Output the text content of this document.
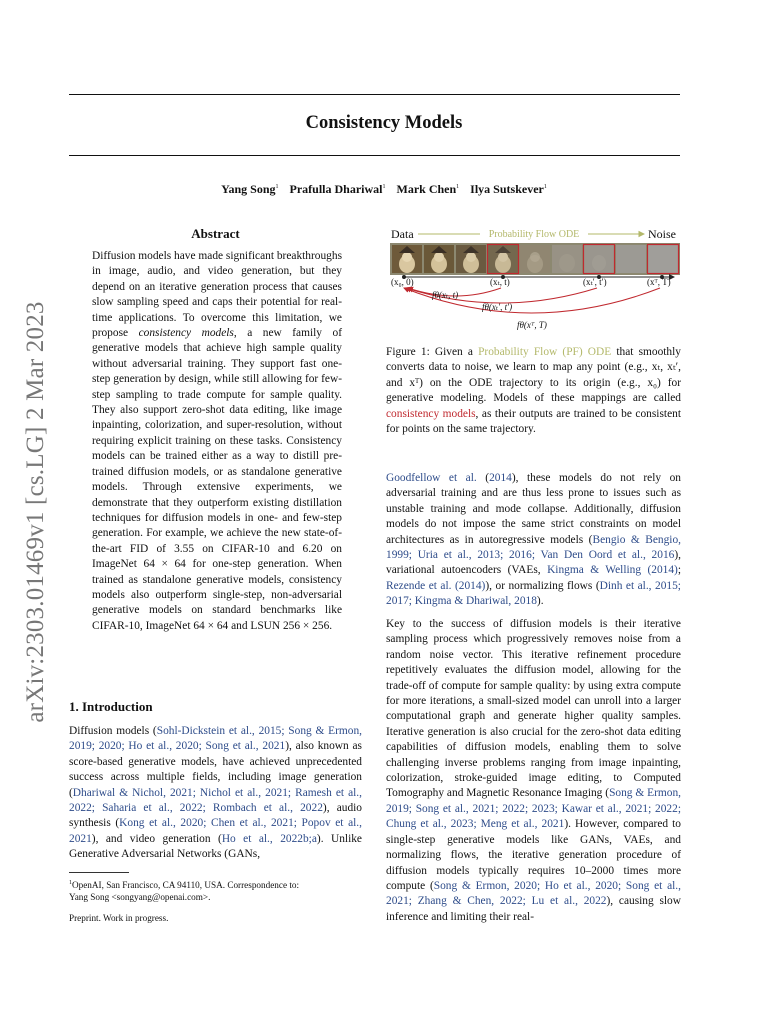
arXiv:2303.01469v1 [cs.LG] 2 Mar 2023
Consistency Models
Yang Song$^1$ Prafulla Dhariwal$^1$ Mark Chen$^1$ Ilya Sutskever$^1$
Abstract

Diffusion models have made significant breakthroughs in image, audio, and video generation, but they depend on an iterative generation process that causes slow sampling speed and caps their potential for real-time applications. To overcome this limitation, we propose consistency models, a new family of generative models that achieve high sample quality without adversarial training. They support fast one-step generation by design, while still allowing for few-step sampling to trade compute for sample quality. They also support zero-shot data editing, like image inpainting, colorization, and super-resolution, without requiring explicit training on these tasks. Consistency models can be trained either as a way to distill pre-trained diffusion models, or as standalone generative models. Through extensive experiments, we demonstrate that they outperform existing distillation techniques for diffusion models in one- and few-step generation. For example, we achieve the new state-of-the-art FID of 3.55 on CIFAR-10 and 6.20 on ImageNet 64 × 64 for one-step generation. When trained as standalone generative models, consistency models also outperform single-step, non-adversarial generative models on standard benchmarks like CIFAR-10, ImageNet 64 × 64 and LSUN 256 × 256.

1. Introduction

Diffusion models (Sohl-Dickstein et al., 2015; Song & Ermon, 2019; 2020; Ho et al., 2020; Song et al., 2021), also known as score-based generative models, have achieved unprecedented success across multiple fields, including image generation (Dhariwal & Nichol, 2021; Nichol et al., 2021; Ramesh et al., 2022; Saharia et al., 2022; Rombach et al., 2022), audio synthesis (Kong et al., 2020; Chen et al., 2021; Popov et al., 2021), and video generation (Ho et al., 2022b;a). Unlike Generative Adversarial Networks (GANs,

$^1$OpenAI, San Francisco, CA 94110, USA. Correspondence to:
Yang Song <songyang@openai.com>.
Preprint. Work in progress.
Data	Probability Flow ODE	Noise
(x₀, 0)	(xₜ, t)	(xₜ′, t′)	(xᵀ, T)
fθ(xₜ, t)
fθ(xₜ′, t′)
fθ(xᵀ, T)

Figure 1: Given a Probability Flow (PF) ODE that smoothly converts data to noise, we learn to map any point (e.g., xₜ, xₜ′, and xᵀ) on the ODE trajectory to its origin (e.g., x₀) for generative modeling. Models of these mappings are called consistency models, as their outputs are trained to be consistent for points on the same trajectory.

Goodfellow et al. (2014), these models do not rely on adversarial training and are thus less prone to issues such as unstable training and mode collapse. Additionally, diffusion models do not impose the same strict constraints on model architectures as in autoregressive models (Bengio & Bengio, 1999; Uria et al., 2013; 2016; Van Den Oord et al., 2016), variational autoencoders (VAEs, Kingma & Welling (2014); Rezende et al. (2014)), or normalizing flows (Dinh et al., 2015; 2017; Kingma & Dhariwal, 2018).

Key to the success of diffusion models is their iterative sampling process which progressively removes noise from a random noise vector. This iterative refinement procedure repetitively evaluates the diffusion model, allowing for the trade-off of compute for sample quality: by using extra compute for more iterations, a small-sized model can unroll into a larger computational graph and generate higher quality samples. Iterative generation is also crucial for the zero-shot data editing capabilities of diffusion models, enabling them to solve challenging inverse problems ranging from image inpainting, colorization, stroke-guided image editing, to Computed Tomography and Magnetic Resonance Imaging (Song & Ermon, 2019; Song et al., 2021; 2022; 2023; Kawar et al., 2021; 2022; Chung et al., 2023; Meng et al., 2021). However, compared to single-step generative models like GANs, VAEs, and normalizing flows, the iterative generation procedure of diffusion models typically requires 10–2000 times more compute (Song & Ermon, 2020; Ho et al., 2020; Song et al., 2021; Zhang & Chen, 2022; Lu et al., 2022), causing slow inference and limiting their real-
